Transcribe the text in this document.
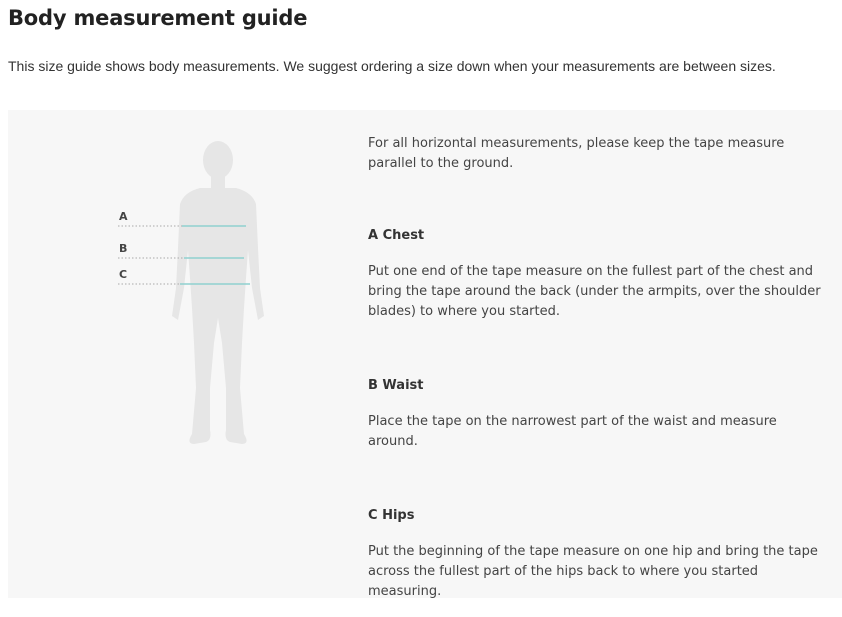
Body measurement guide

This size guide shows body measurements. We suggest ordering a size down when your measurements are between sizes.

A
B
C

For all horizontal measurements, please keep the tape measure parallel to the ground.

A Chest

Put one end of the tape measure on the fullest part of the chest and bring the tape around the back (under the armpits, over the shoulder blades) to where you started.

B Waist

Place the tape on the narrowest part of the waist and measure around.

C Hips

Put the beginning of the tape measure on one hip and bring the tape across the fullest part of the hips back to where you started measuring.
